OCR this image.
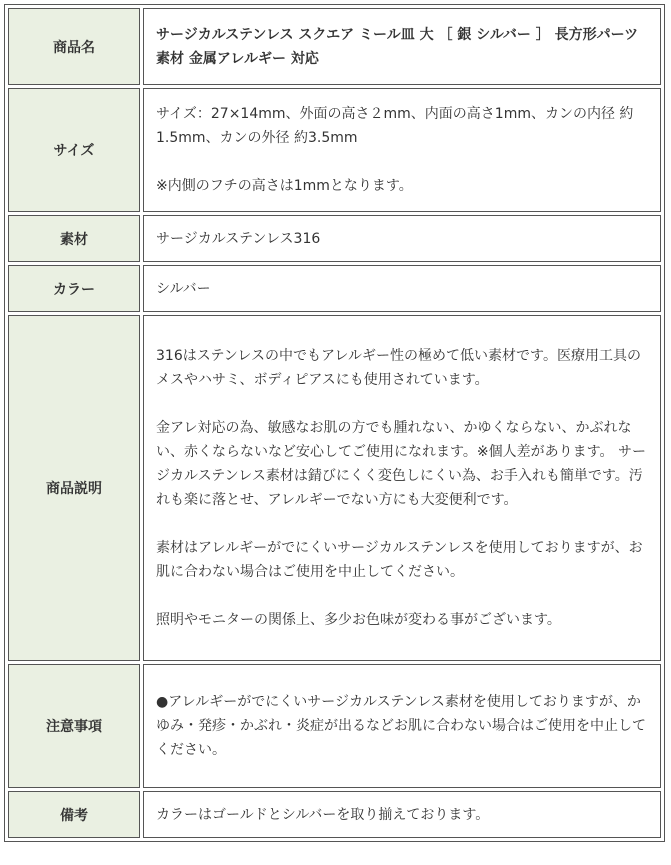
商品名	サージカルステンレス スクエア ミール皿 大 ［ 銀 シルバー ］ 長方形パーツ 素材 金属アレルギー 対応

サイズ	サイズ：27×14mm、外面の高さ２mm、内面の高さ1mm、カンの内径 約1.5mm、カンの外径 約3.5mm

※内側のフチの高さは1mmとなります。

素材	サージカルステンレス316

カラー	シルバー

商品説明	316はステンレスの中でもアレルギー性の極めて低い素材です。医療用工具のメスやハサミ、ボディピアスにも使用されています。

金アレ対応の為、敏感なお肌の方でも腫れない、かゆくならない、かぶれない、赤くならないなど安心してご使用になれます。※個人差があります。 サージカルステンレス素材は錆びにくく変色しにくい為、お手入れも簡単です。汚れも楽に落とせ、アレルギーでない方にも大変便利です。

素材はアレルギーがでにくいサージカルステンレスを使用しておりますが、お肌に合わない場合はご使用を中止してください。

照明やモニターの関係上、多少お色味が変わる事がございます。

注意事項	●アレルギーがでにくいサージカルステンレス素材を使用しておりますが、かゆみ・発疹・かぶれ・炎症が出るなどお肌に合わない場合はご使用を中止してください。

備考	カラーはゴールドとシルバーを取り揃えております。
